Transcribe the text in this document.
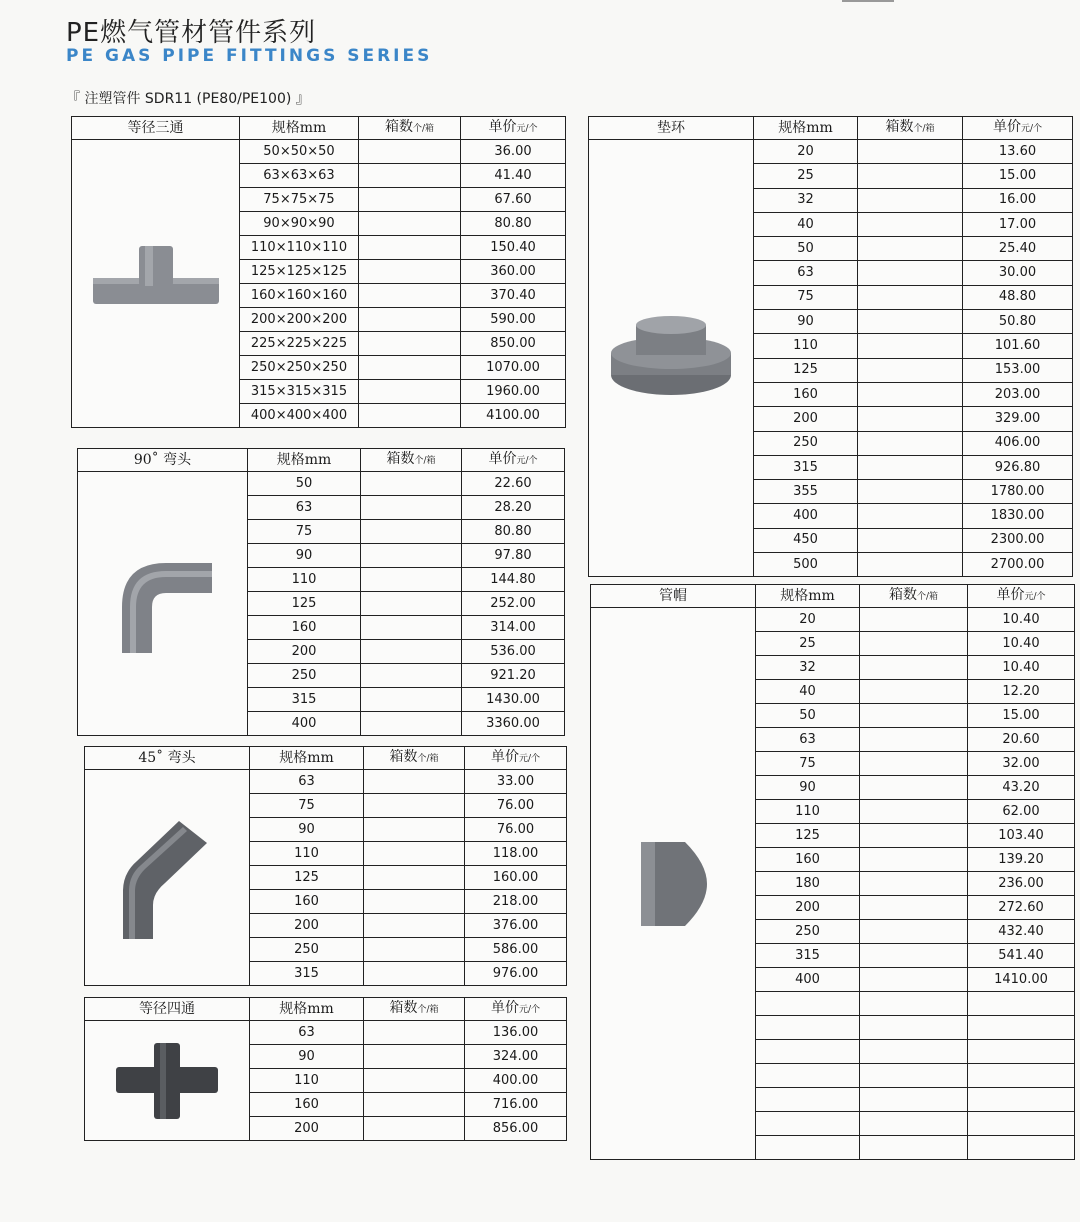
PE燃气管材管件系列
PE GAS PIPE FITTINGS SERIES
『 注塑管件 SDR11 (PE80/PE100) 』
等径三通	规格mm	箱数个/箱	单价元/个

	50×50×50		36.00
	63×63×63		41.40
	75×75×75		67.60
	90×90×90		80.80
	110×110×110		150.40
	125×125×125		360.00
	160×160×160		370.40
	200×200×200		590.00
	225×225×225		850.00
	250×250×250		1070.00
	315×315×315		1960.00
	400×400×400		4100.00
90˚ 弯头	规格mm	箱数个/箱	单价元/个

	50		22.60
	63		28.20
	75		80.80
	90		97.80
	110		144.80
	125		252.00
	160		314.00
	200		536.00
	250		921.20
	315		1430.00
	400		3360.00
45˚ 弯头	规格mm	箱数个/箱	单价元/个

	63		33.00
	75		76.00
	90		76.00
	110		118.00
	125		160.00
	160		218.00
	200		376.00
	250		586.00
	315		976.00
等径四通	规格mm	箱数个/箱	单价元/个

	63		136.00
	90		324.00
	110		400.00
	160		716.00
	200		856.00
垫环	规格mm	箱数个/箱	单价元/个

	20		13.60
	25		15.00
	32		16.00
	40		17.00
	50		25.40
	63		30.00
	75		48.80
	90		50.80
	110		101.60
	125		153.00
	160		203.00
	200		329.00
	250		406.00
	315		926.80
	355		1780.00
	400		1830.00
	450		2300.00
	500		2700.00
管帽	规格mm	箱数个/箱	单价元/个

	20		10.40
	25		10.40
	32		10.40
	40		12.20
	50		15.00
	63		20.60
	75		32.00
	90		43.20
	110		62.00
	125		103.40
	160		139.20
	180		236.00
	200		272.60
	250		432.40
	315		541.40
	400		1410.00
